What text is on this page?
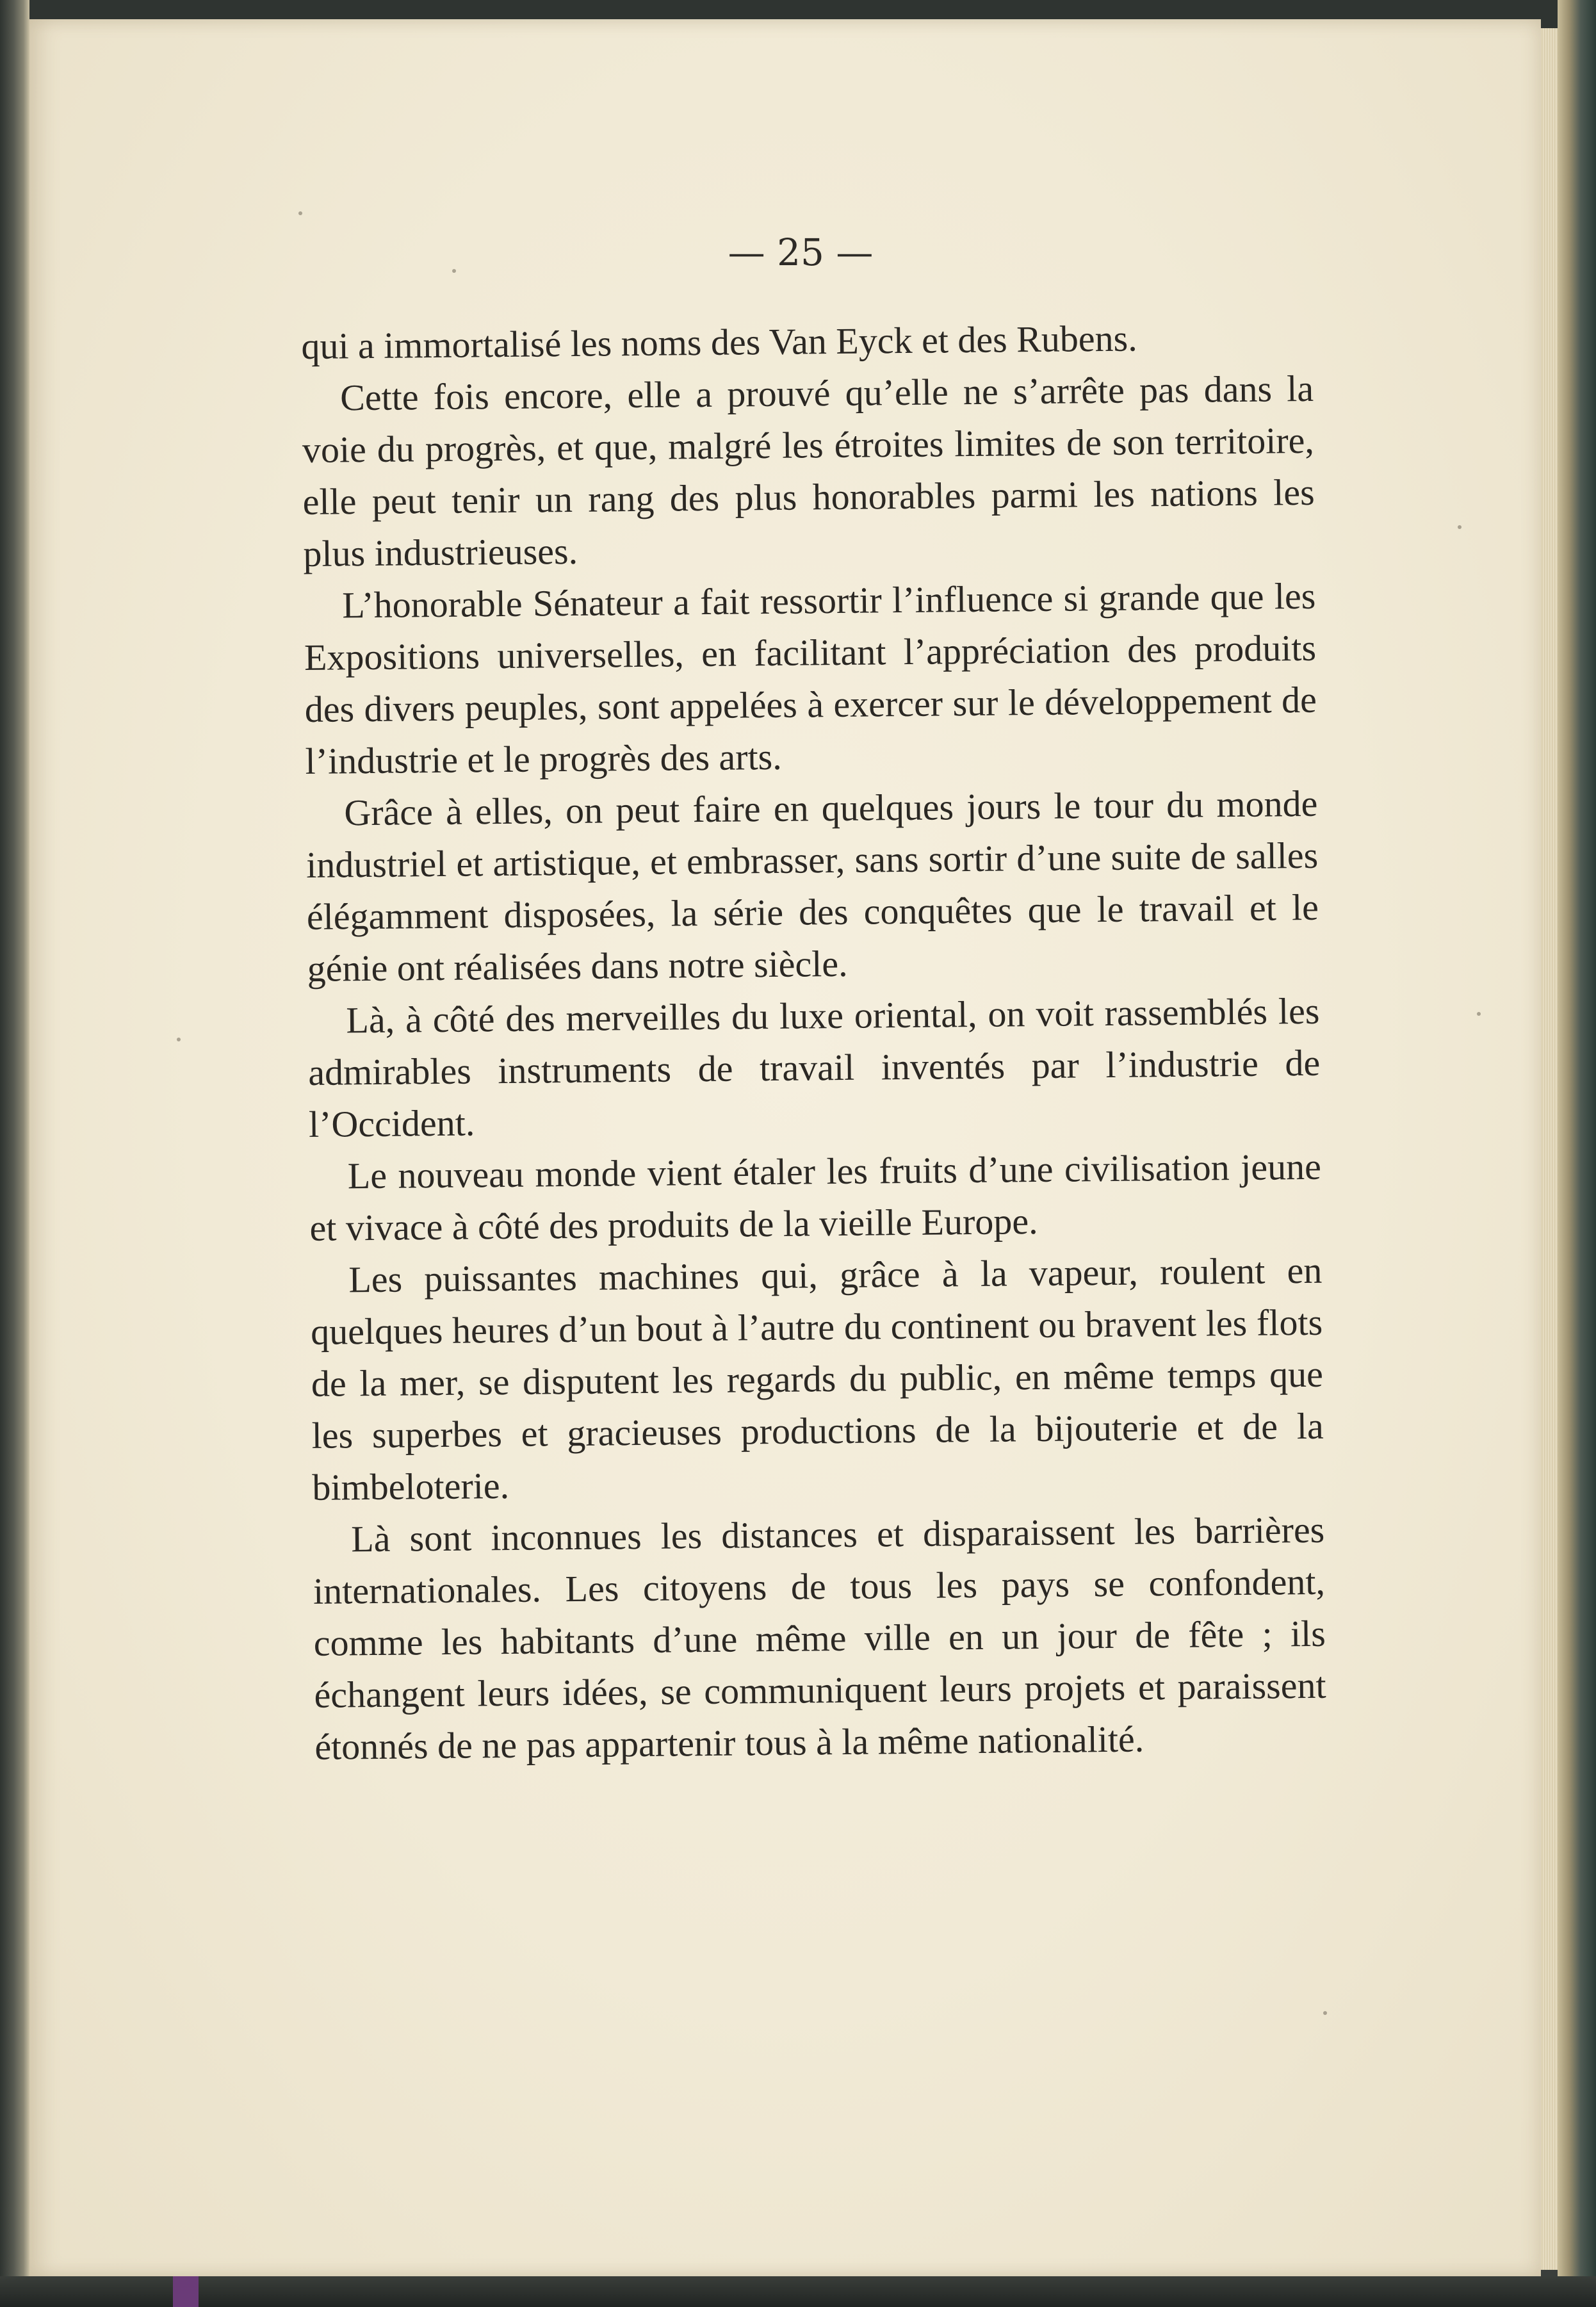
— 25 —

qui a immortalisé les noms des Van Eyck et des Rubens.

Cette fois encore, elle a prouvé qu’elle ne s’arrête pas dans la voie du progrès, et que, malgré les étroites limites de son territoire, elle peut tenir un rang des plus honorables parmi les nations les plus industrieuses.

L’honorable Sénateur a fait ressortir l’influence si grande que les Expositions universelles, en facilitant l’appréciation des produits des divers peuples, sont appelées à exercer sur le développement de l’industrie et le progrès des arts.

Grâce à elles, on peut faire en quelques jours le tour du monde industriel et artistique, et embrasser, sans sortir d’une suite de salles élégamment disposées, la série des conquêtes que le travail et le génie ont réalisées dans notre siècle.

Là, à côté des merveilles du luxe oriental, on voit rassemblés les admirables instruments de travail inventés par l’industrie de l’Occident.

Le nouveau monde vient étaler les fruits d’une civilisation jeune et vivace à côté des produits de la vieille Europe.

Les puissantes machines qui, grâce à la vapeur, roulent en quelques heures d’un bout à l’autre du continent ou bravent les flots de la mer, se disputent les regards du public, en même temps que les superbes et gracieuses productions de la bijouterie et de la bimbeloterie.

Là sont inconnues les distances et disparaissent les barrières internationales. Les citoyens de tous les pays se confondent, comme les habitants d’une même ville en un jour de fête ; ils échangent leurs idées, se communiquent leurs projets et paraissent étonnés de ne pas appartenir tous à la même nationalité.
